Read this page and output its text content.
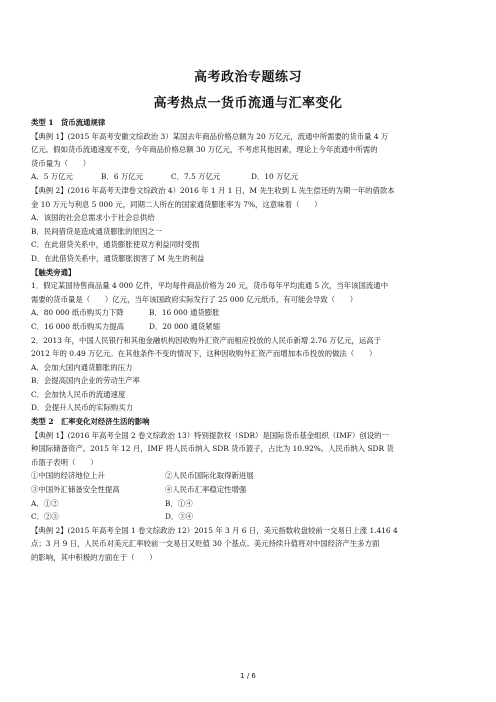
高考政治专题练习
高考热点一货币流通与汇率变化
类型 1　货币流通规律
【典例 1】(2015 年高考安徽文综政治 3）某国去年商品价格总额为 20 万亿元，流通中所需要的货币量 4 万
亿元。假如货币流通速度不变，今年商品价格总额 30 万亿元，不考虑其他因素，理论上今年流通中所需的
货币量为（　　）
A．5 万亿元	B．6 万亿元	C．7.5 万亿元	D．10 万亿元
【典例 2】(2016 年高考天津卷文综政治 4）2016 年 1 月 1 日，M 先生收到 L 先生偿还的为期一年的借款本
金 10 万元与利息 5 000 元，同期二人所在的国家通货膨胀率为 7%，这意味着（　　）
A．该国的社会总需求小于社会总供给
B．民间借贷是造成通货膨胀的原因之一
C．在此借贷关系中，通货膨胀使双方利益同时受损
D．在此借贷关系中，通货膨胀损害了 M 先生的利益
【触类旁通】
1．假定某国待售商品量 4 000 亿件，平均每件商品价格为 20 元，货币每年平均流通 5 次，当年该国流通中
需要的货币量是（　　）亿元，当年该国政府实际发行了 25 000 亿元纸币，有可能会导致（　　）
A．80 000 纸币购买力下降	B．16 000 通货膨胀
C．16 000 纸币购买力提高	D．20 000 通货紧缩
2．2013 年，中国人民银行和其他金融机构因收购外汇资产而相应投放的人民币新增 2.76 万亿元，运高于
2012 年的 0.49 万亿元。在其他条件不变的情况下，这种因收购外汇资产而增加本币投放的做法（　　）
A．会加大国内通货膨胀的压力
B．会提高国内企业的劳动生产率
C．会加快人民币的流通速度
D．会提升人民币的实际购买力
类型 2　汇率变化对经济生活的影响
【典例 1】(2016 年高考全国 2 卷文综政治 13）特别提款权（SDR）是国际货币基金组织（IMF）创设的一
种国际储备资产。2015 年 12 月，IMF 将人民币纳入 SDR 货币篮子，占比为 10.92%。人民币纳入 SDR 货
币篮子表明（　　）
①中国的经济地位上升	②人民币国际化取得新进展
③中国外汇储备安全性提高	④人民币汇率稳定性增强
A．①②	B．①④
C．②③	D．③④
【典例 2】(2015 年高考全国 1 卷文综政治 12）2015 年 3 月 6 日，美元指数收盘较前一交易日上涨 1.416 4
点；3 月 9 日，人民币对美元汇率较前一交易日又贬值 30 个基点。美元持续升值将对中国经济产生多方面
的影响，其中积极的方面在于（　　）
1 / 6
